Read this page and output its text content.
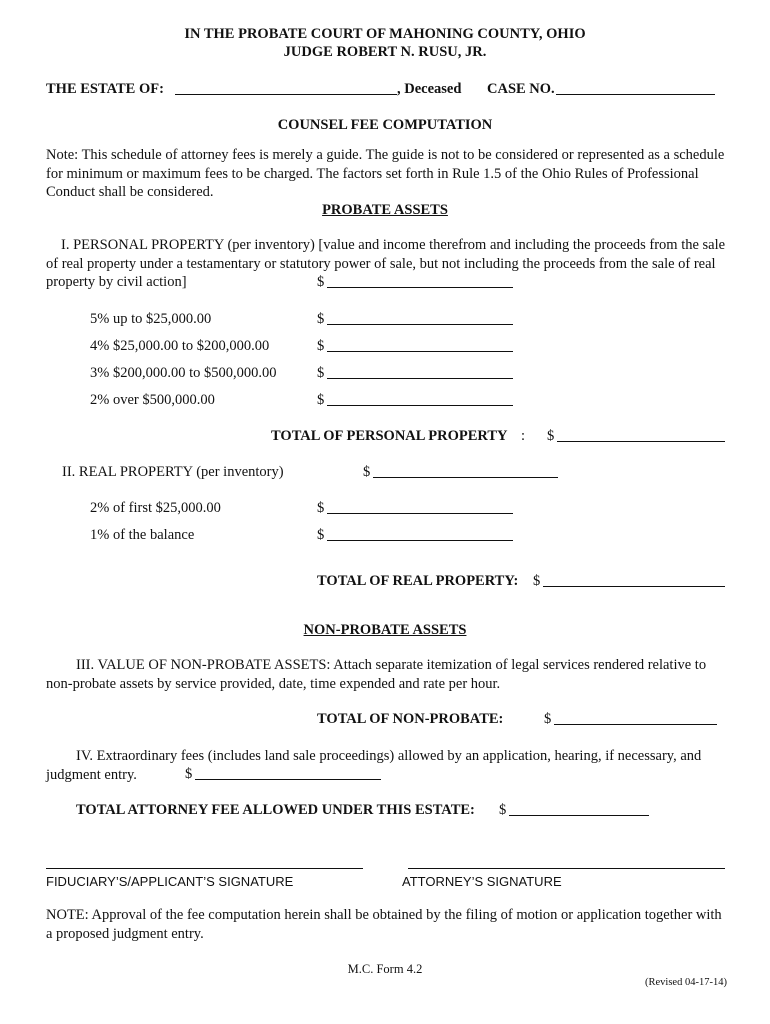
IN THE PROBATE COURT OF MAHONING COUNTY, OHIO
JUDGE ROBERT N. RUSU, JR.
THE ESTATE OF:	, Deceased CASE NO.
COUNSEL FEE COMPUTATION
Note: This schedule of attorney fees is merely a guide. The guide is not to be considered or represented as a schedule for minimum or maximum fees to be charged. The factors set forth in Rule 1.5 of the Ohio Rules of Professional Conduct shall be considered.
PROBATE ASSETS
I. PERSONAL PROPERTY (per inventory) [value and income therefrom and including the proceeds from the sale of real property under a testamentary or statutory power of sale, but not including the proceeds from the sale of real property by civil action]	$
5% up to $25,000.00	$
4% $25,000.00 to $200,000.00	$
3% $200,000.00 to $500,000.00	$
2% over $500,000.00	$
TOTAL OF PERSONAL PROPERTY : $
II. REAL PROPERTY (per inventory)	$
2% of first $25,000.00	$
1% of the balance	$
TOTAL OF REAL PROPERTY: $
NON-PROBATE ASSETS
III. VALUE OF NON-PROBATE ASSETS: Attach separate itemization of legal services rendered relative to non-probate assets by service provided, date, time expended and rate per hour.
TOTAL OF NON-PROBATE:	$
IV. Extraordinary fees (includes land sale proceedings) allowed by an application, hearing, if necessary, and judgment entry.	$
TOTAL ATTORNEY FEE ALLOWED UNDER THIS ESTATE: $
FIDUCIARY’S/APPLICANT’S SIGNATURE	ATTORNEY’S SIGNATURE
NOTE: Approval of the fee computation herein shall be obtained by the filing of motion or application together with a proposed judgment entry.
M.C. Form 4.2
(Revised 04-17-14)
